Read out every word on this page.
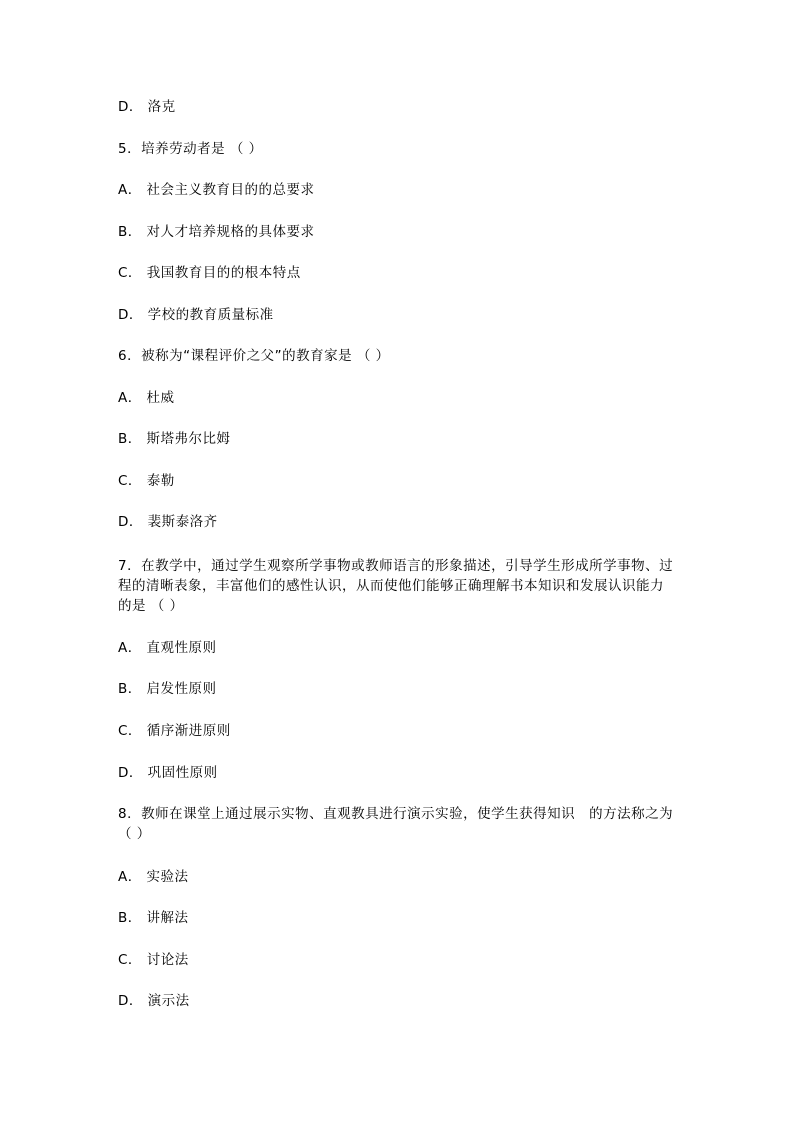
D． 洛克
5．培养劳动者是 （ ）
A． 社会主义教育目的的总要求
B． 对人才培养规格的具体要求
C． 我国教育目的的根本特点
D． 学校的教育质量标准
6．被称为“课程评价之父”的教育家是 （ ）
A． 杜威
B． 斯塔弗尔比姆
C． 泰勒
D． 裴斯泰洛齐
7．在教学中，通过学生观察所学事物或教师语言的形象描述，引导学生形成所学事物、过
程的清晰表象，丰富他们的感性认识，从而使他们能够正确理解书本知识和发展认识能力
的是 （ ）
A． 直观性原则
B． 启发性原则
C． 循序渐进原则
D． 巩固性原则
8．教师在课堂上通过展示实物、直观教具进行演示实验，使学生获得知识　的方法称之为
（ ）
A． 实验法
B． 讲解法
C． 讨论法
D． 演示法
